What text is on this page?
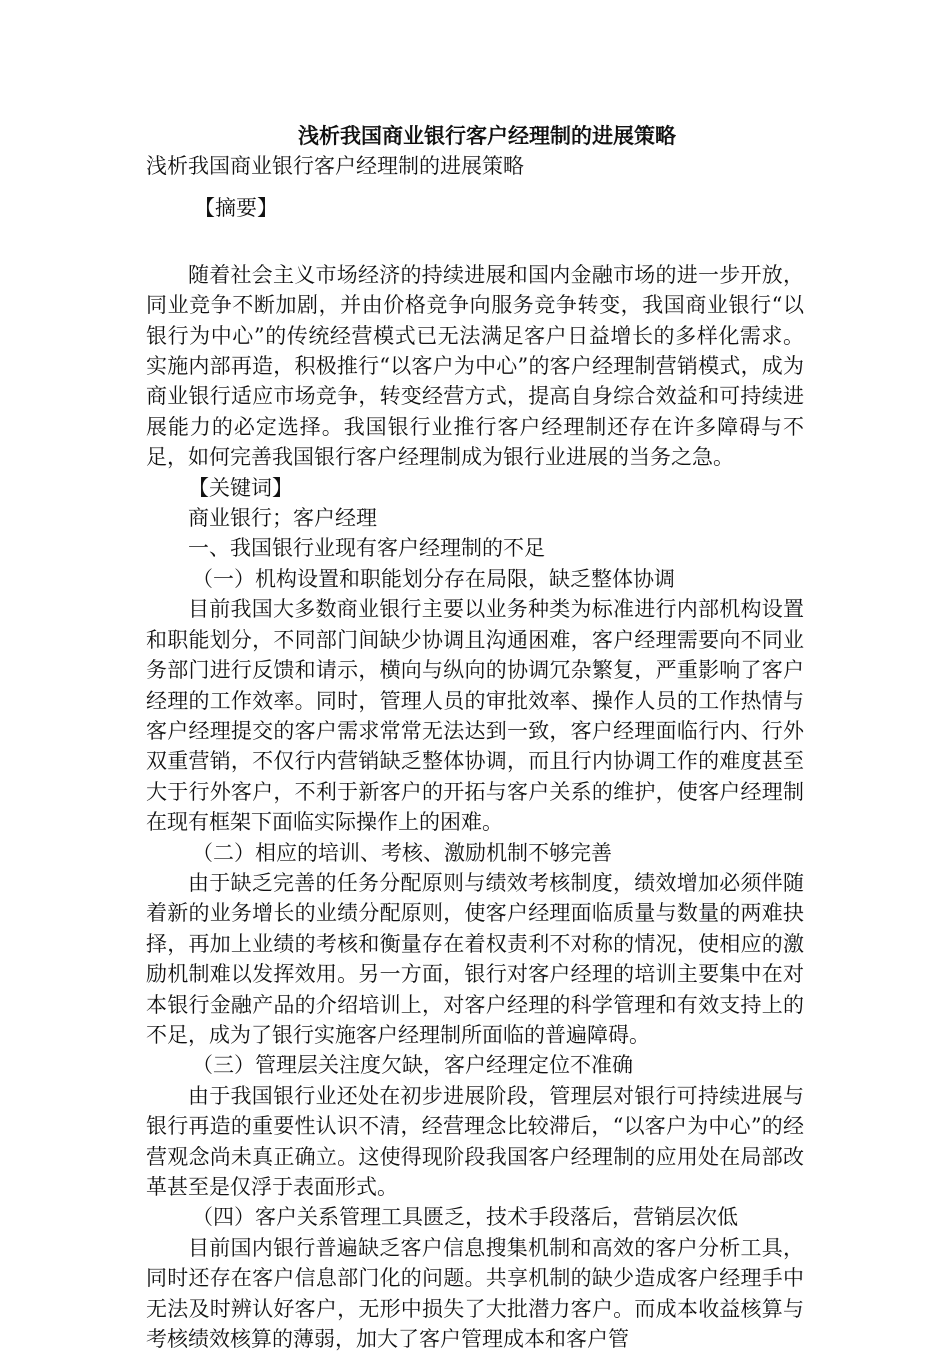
浅析我国商业银行客户经理制的进展策略

浅析我国商业银行客户经理制的进展策略

【摘要】

随着社会主义市场经济的持续进展和国内金融市场的进一步开放，同业竞争不断加剧，并由价格竞争向服务竞争转变，我国商业银行“以银行为中心”的传统经营模式已无法满足客户日益增长的多样化需求。实施内部再造，积极推行“以客户为中心”的客户经理制营销模式，成为商业银行适应市场竞争，转变经营方式，提高自身综合效益和可持续进展能力的必定选择。我国银行业推行客户经理制还存在许多障碍与不足，如何完善我国银行客户经理制成为银行业进展的当务之急。

【关键词】

商业银行；客户经理

一、我国银行业现有客户经理制的不足

（一）机构设置和职能划分存在局限，缺乏整体协调

目前我国大多数商业银行主要以业务种类为标准进行内部机构设置和职能划分，不同部门间缺少协调且沟通困难，客户经理需要向不同业务部门进行反馈和请示，横向与纵向的协调冗杂繁复，严重影响了客户经理的工作效率。同时，管理人员的审批效率、操作人员的工作热情与客户经理提交的客户需求常常无法达到一致，客户经理面临行内、行外双重营销，不仅行内营销缺乏整体协调，而且行内协调工作的难度甚至大于行外客户，不利于新客户的开拓与客户关系的维护，使客户经理制在现有框架下面临实际操作上的困难。

（二）相应的培训、考核、激励机制不够完善

由于缺乏完善的任务分配原则与绩效考核制度，绩效增加必须伴随着新的业务增长的业绩分配原则，使客户经理面临质量与数量的两难抉择，再加上业绩的考核和衡量存在着权责利不对称的情况，使相应的激励机制难以发挥效用。另一方面，银行对客户经理的培训主要集中在对本银行金融产品的介绍培训上，对客户经理的科学管理和有效支持上的不足，成为了银行实施客户经理制所面临的普遍障碍。

（三）管理层关注度欠缺，客户经理定位不准确

由于我国银行业还处在初步进展阶段，管理层对银行可持续进展与银行再造的重要性认识不清，经营理念比较滞后，“以客户为中心”的经营观念尚未真正确立。这使得现阶段我国客户经理制的应用处在局部改革甚至是仅浮于表面形式。

（四）客户关系管理工具匮乏，技术手段落后，营销层次低

目前国内银行普遍缺乏客户信息搜集机制和高效的客户分析工具，同时还存在客户信息部门化的问题。共享机制的缺少造成客户经理手中无法及时辨认好客户，无形中损失了大批潜力客户。而成本收益核算与考核绩效核算的薄弱，加大了客户管理成本和客户管
